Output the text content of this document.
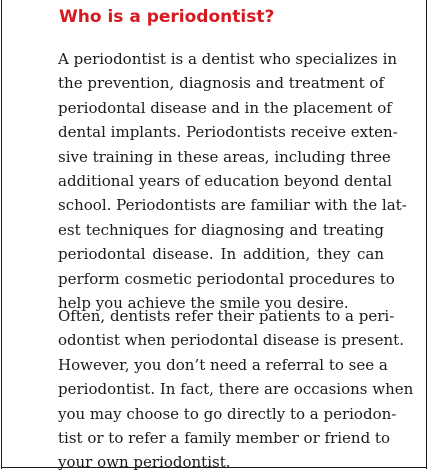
Who is a periodontist?
A periodontist is a dentist who specializes in
the prevention, diagnosis and treatment of
periodontal disease and in the placement of
dental implants. Periodontists receive exten-
sive training in these areas, including three
additional years of education beyond dental
school. Periodontists are familiar with the lat-
est techniques for diagnosing and treating
periodontal disease. In addition, they can
perform cosmetic periodontal procedures to
help you achieve the smile you desire.
Often, dentists refer their patients to a peri-
odontist when periodontal disease is present.
However, you don’t need a referral to see a
periodontist. In fact, there are occasions when
you may choose to go directly to a periodon-
tist or to refer a family member or friend to
your own periodontist.
